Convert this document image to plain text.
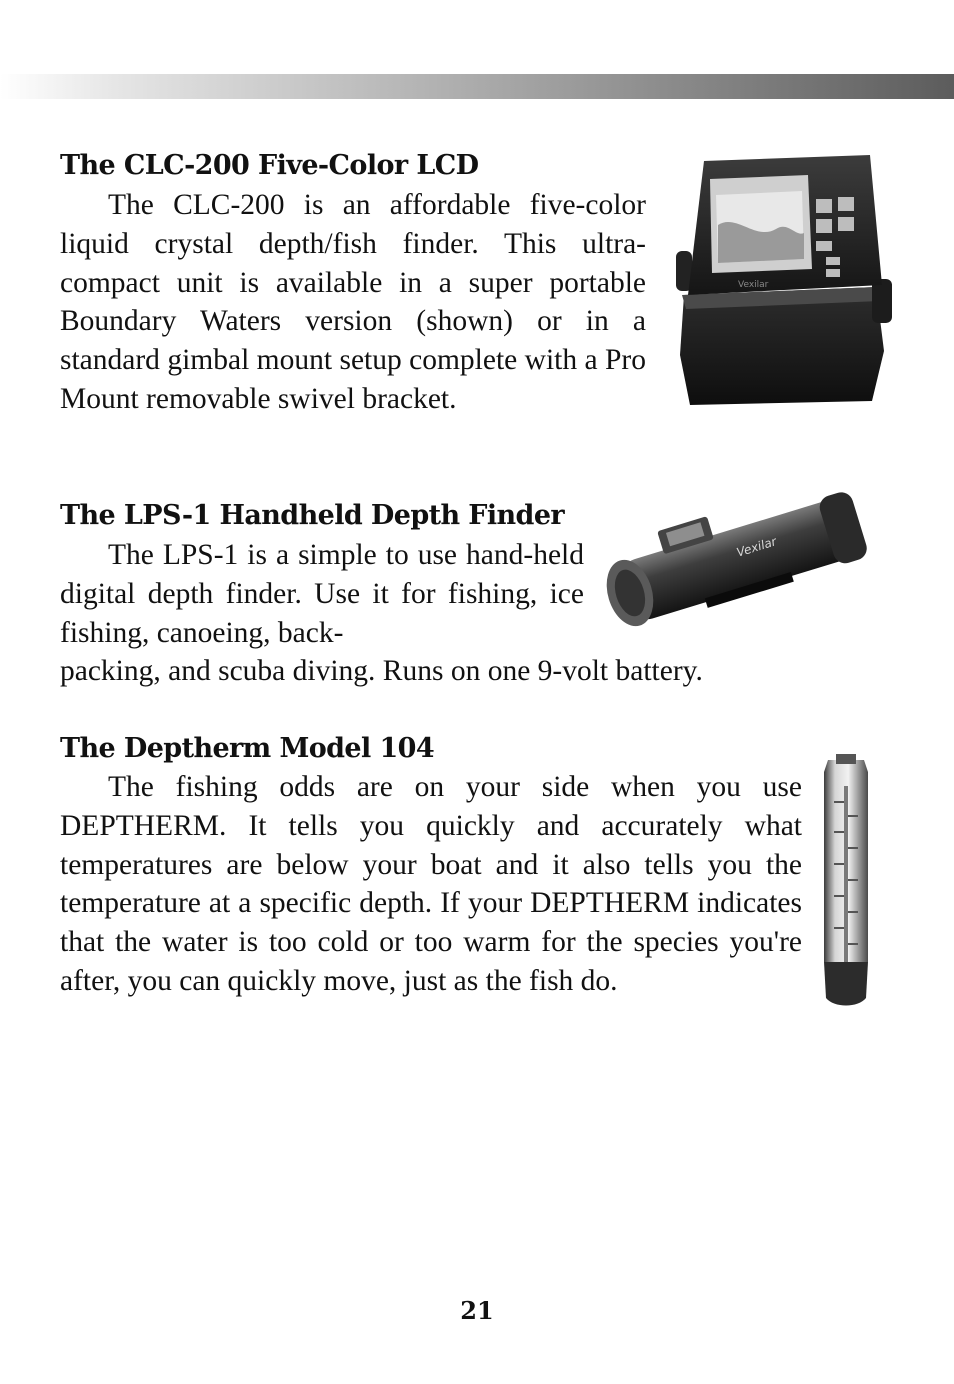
The CLC-200 Five-Color LCD

The CLC-200 is an affordable five-color liquid crystal depth/fish finder. This ultra-compact unit is available in a super portable Boundary Waters version (shown) or in a standard gimbal mount setup complete with a Pro Mount removable swivel bracket.

Vexilar
The LPS-1 Handheld Depth Finder

The LPS-1 is a simple to use hand-held digital depth finder. Use it for fishing, ice fishing, canoeing, back-

packing, and scuba diving. Runs on one 9-volt battery.

Vexilar
The Deptherm Model 104

The fishing odds are on your side when you use DEPTHERM. It tells you quickly and accurately what temperatures are below your boat and it also tells you the temperature at a specific depth. If your DEPTHERM indicates that the water is too cold or too warm for the species you're after, you can quickly move, just as the fish do.

21
